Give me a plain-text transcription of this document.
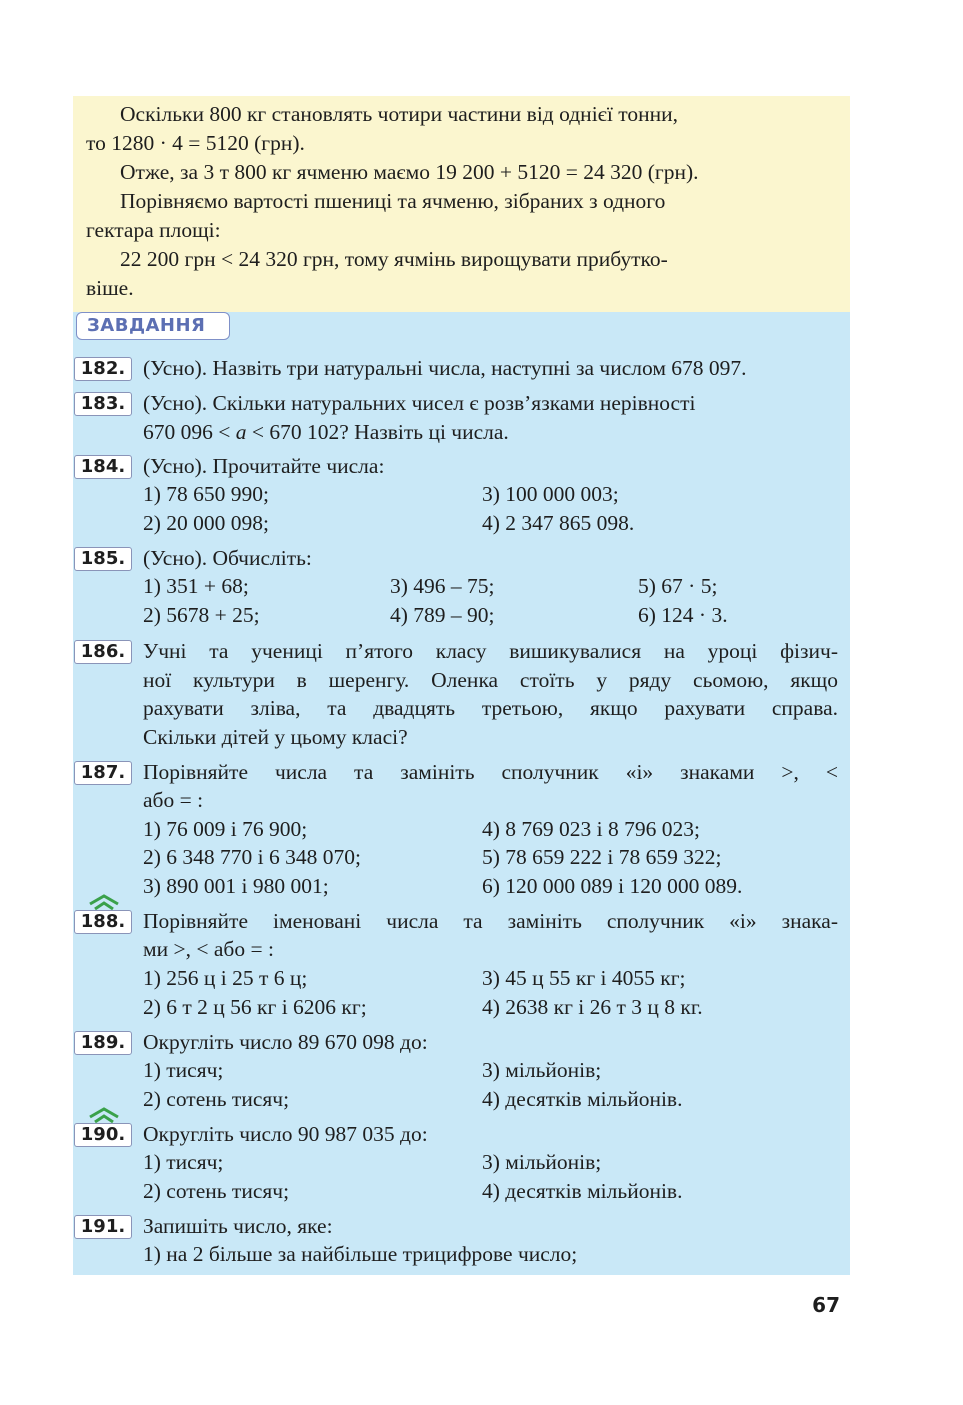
Оскільки 800 кг становлять чотири частини від однієї тонни,
то 1280 · 4 = 5120 (грн).
Отже, за 3 т 800 кг ячменю маємо 19 200 + 5120 = 24 320 (грн).
Порівняємо вартості пшениці та ячменю, зібраних з одного
гектара площі:
22 200 грн < 24 320 грн, тому ячмінь вирощувати прибутко-
віше.
ЗАВДАННЯ
182. (Усно). Назвіть три натуральні числа, наступні за числом 678 097.
183. (Усно). Скільки натуральних чисел є розв’язками нерівності
670 096 < a < 670 102? Назвіть ці числа.
184. (Усно). Прочитайте числа:
1) 78 650 990;	3) 100 000 003;
2) 20 000 098;	4) 2 347 865 098.
185. (Усно). Обчисліть:
1) 351 + 68;	3) 496 – 75;	5) 67 · 5;
2) 5678 + 25;	4) 789 – 90;	6) 124 · 3.
186. Учні та учениці п’ятого класу вишикувалися на уроці фізич-
ної культури в шеренгу. Оленка стоїть у ряду сьомою, якщо
рахувати зліва, та двадцять третьою, якщо рахувати справа.
Скільки дітей у цьому класі?
187. Порівняйте числа та замініть сполучник «і» знаками >, <
або = :
1) 76 009 і 76 900;	4) 8 769 023 і 8 796 023;
2) 6 348 770 і 6 348 070;	5) 78 659 222 і 78 659 322;
3) 890 001 і 980 001;	6) 120 000 089 і 120 000 089.
188. Порівняйте іменовані числа та замініть сполучник «і» знака-
ми >, < або = :
1) 256 ц і 25 т 6 ц;	3) 45 ц 55 кг і 4055 кг;
2) 6 т 2 ц 56 кг і 6206 кг;	4) 2638 кг і 26 т 3 ц 8 кг.
189. Округліть число 89 670 098 до:
1) тисяч;	3) мільйонів;
2) сотень тисяч;	4) десятків мільйонів.
190. Округліть число 90 987 035 до:
1) тисяч;	3) мільйонів;
2) сотень тисяч;	4) десятків мільйонів.
191. Запишіть число, яке:
1) на 2 більше за найбільше трицифрове число;
67
